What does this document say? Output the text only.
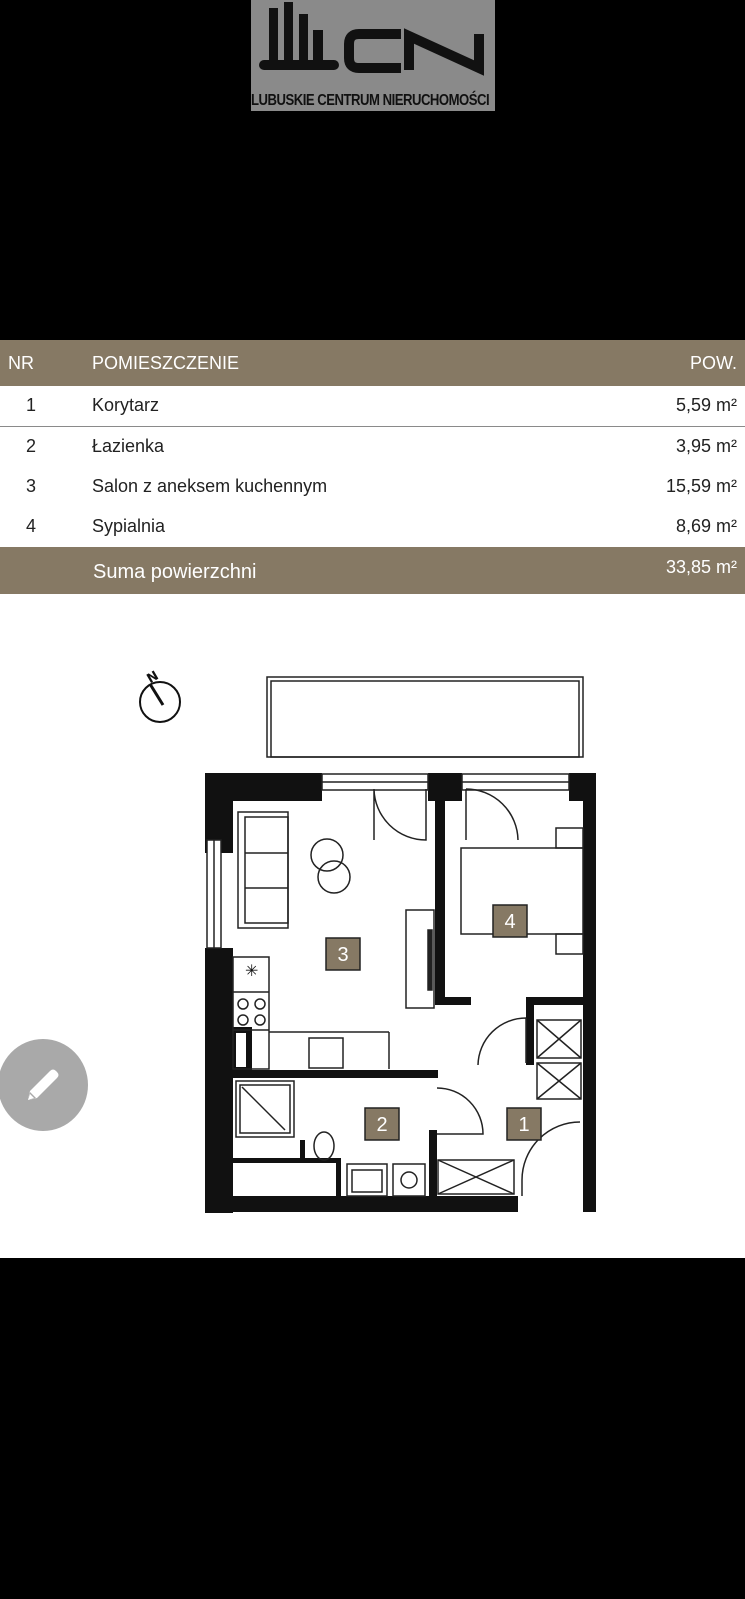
LUBUSKIE CENTRUM NIERUCHOMOŚCI
NR	POMIESZCZENIE	POW.
1	Korytarz	5,59 m²
2	Łazienka	3,95 m²
3	Salon z aneksem kuchennym	15,59 m²
4	Sypialnia	8,69 m²
Suma powierzchni	33,85 m²
N
✳
3
4
2	1
